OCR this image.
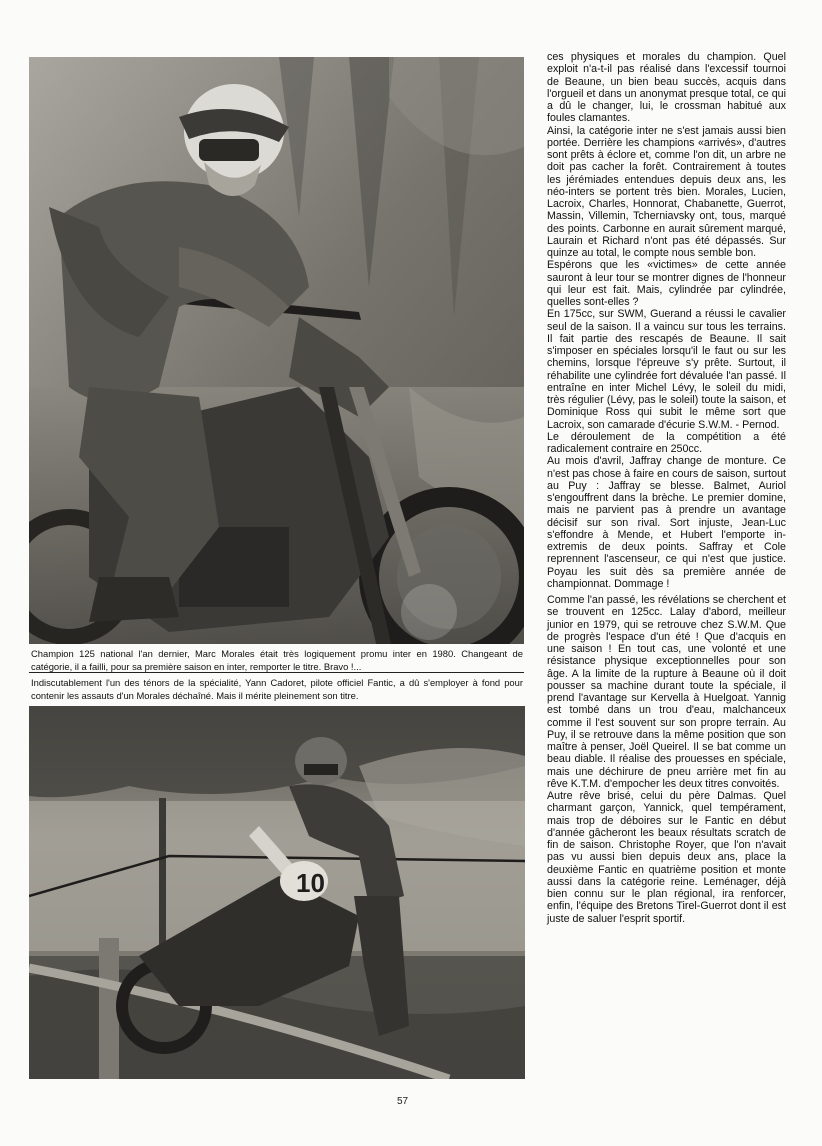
Champion 125 national l'an dernier, Marc Morales était très logiquement promu inter en 1980. Changeant de catégorie, il a failli, pour sa première saison en inter, remporter le titre. Bravo !...
Indiscutablement l'un des ténors de la spécialité, Yann Cadoret, pilote officiel Fantic, a dû s'employer à fond pour contenir les assauts d'un Morales déchaîné. Mais il mérite pleinement son titre.
10

ces physiques et morales du champion. Quel exploit n'a-t-il pas réalisé dans l'excessif tournoi de Beaune, un bien beau succès, acquis dans l'orgueil et dans un anonymat presque total, ce qui a dû le changer, lui, le crossman habitué aux foules clamantes.

Ainsi, la catégorie inter ne s'est jamais aussi bien portée. Derrière les champions «arrivés», d'autres sont prêts à éclore et, comme l'on dit, un arbre ne doit pas cacher la forêt. Contrairement à toutes les jérémiades entendues depuis deux ans, les néo-inters se portent très bien. Morales, Lucien, Lacroix, Charles, Honnorat, Chabanette, Guerrot, Massin, Villemin, Tcherniavsky ont, tous, marqué des points. Carbonne en aurait sûrement marqué, Laurain et Richard n'ont pas été dépassés. Sur quinze au total, le compte nous semble bon.

Espérons que les «victimes» de cette année sauront à leur tour se montrer dignes de l'honneur qui leur est fait. Mais, cylindrée par cylindrée, quelles sont-elles ?

En 175cc, sur SWM, Guerand a réussi le cavalier seul de la saison. Il a vaincu sur tous les terrains. Il fait partie des rescapés de Beaune. Il sait s'imposer en spéciales lorsqu'il le faut ou sur les chemins, lorsque l'épreuve s'y prête. Surtout, il réhabilite une cylindrée fort dévaluée l'an passé. Il entraîne en inter Michel Lévy, le soleil du midi, très régulier (Lévy, pas le soleil) toute la saison, et Dominique Ross qui subit le même sort que Lacroix, son camarade d'écurie S.W.M. - Pernod.

Le déroulement de la compétition a été radicalement contraire en 250cc.

Au mois d'avril, Jaffray change de monture. Ce n'est pas chose à faire en cours de saison, surtout au Puy : Jaffray se blesse. Balmet, Auriol s'engouffrent dans la brèche. Le premier domine, mais ne parvient pas à prendre un avantage décisif sur son rival. Sort injuste, Jean-Luc s'effondre à Mende, et Hubert l'emporte in-extremis de deux points. Saffray et Cole reprennent l'ascenseur, ce qui n'est que justice. Poyau les suit dès sa première année de championnat. Dommage !

Comme l'an passé, les révélations se cherchent et se trouvent en 125cc. Lalay d'abord, meilleur junior en 1979, qui se retrouve chez S.W.M. Que de progrès l'espace d'un été ! Que d'acquis en une saison ! En tout cas, une volonté et une résistance physique exceptionnelles pour son âge. A la limite de la rupture à Beaune où il doit pousser sa machine durant toute la spéciale, il prend l'avantage sur Kervella à Huelgoat. Yannig est tombé dans un trou d'eau, malchanceux comme il l'est souvent sur son propre terrain. Au Puy, il se retrouve dans la même position que son maître à penser, Joël Queirel. Il se bat comme un beau diable. Il réalise des prouesses en spéciale, mais une déchirure de pneu arrière met fin au rêve K.T.M. d'empocher les deux titres convoités.

Autre rêve brisé, celui du père Dalmas. Quel charmant garçon, Yannick, quel tempérament, mais trop de déboires sur le Fantic en début d'année gâcheront les beaux résultats scratch de fin de saison. Christophe Royer, que l'on n'avait pas vu aussi bien depuis deux ans, place la deuxième Fantic en quatrième position et monte aussi dans la catégorie reine. Leménager, déjà bien connu sur le plan régional, ira renforcer, enfin, l'équipe des Bretons Tirel-Guerrot dont il est juste de saluer l'esprit sportif.

57
